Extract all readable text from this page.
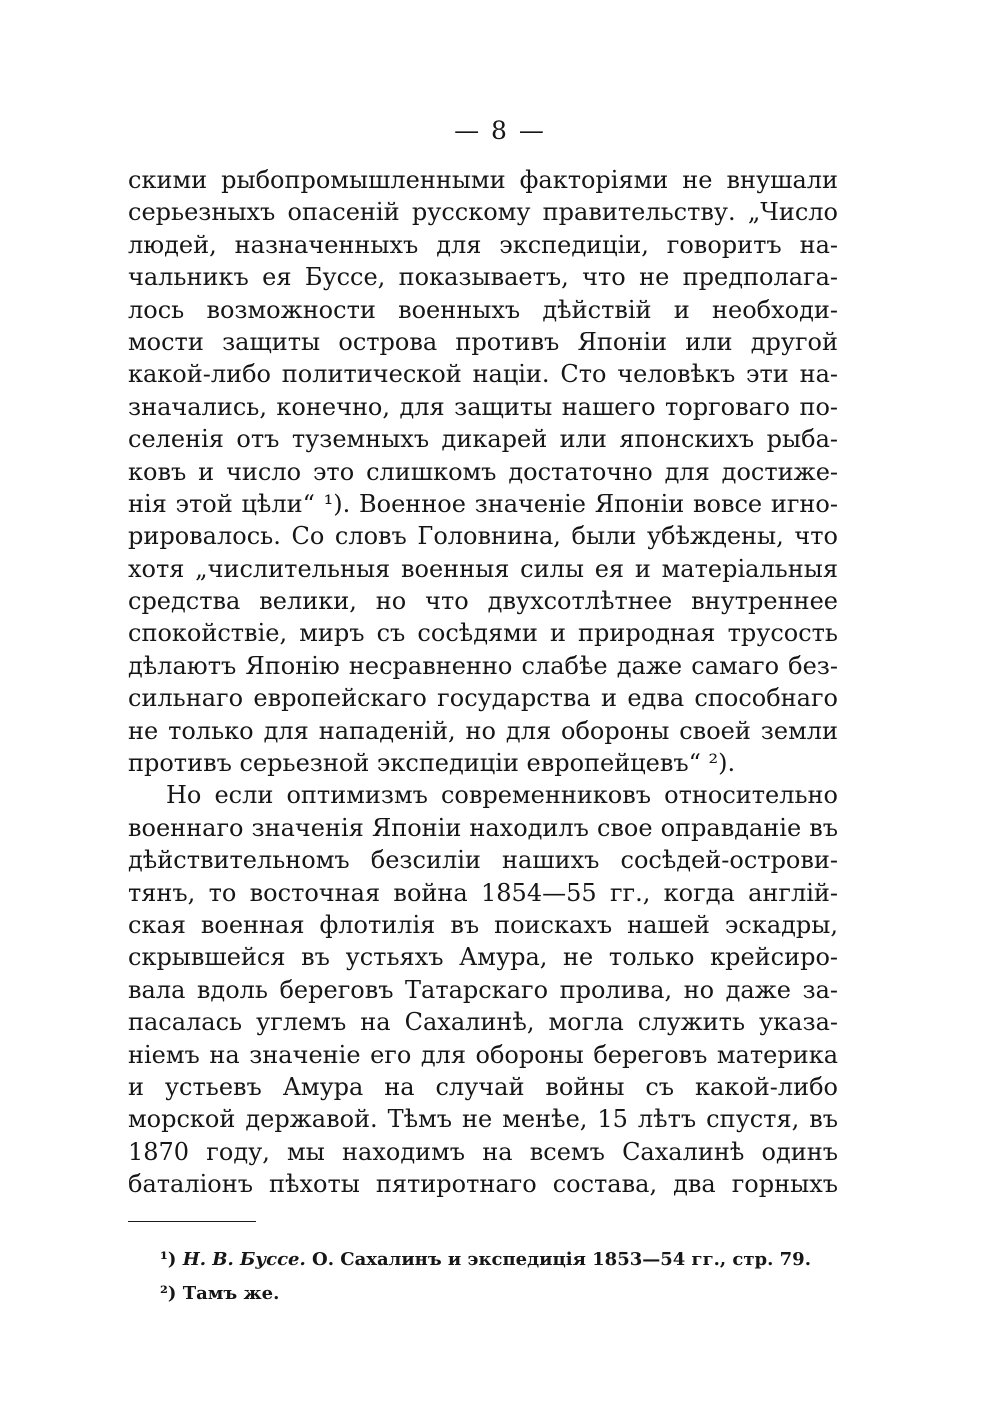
— 8 —
скими рыбопромышленными факторіями не внушали
серьезныхъ опасеній русскому правительству. „Число
людей, назначенныхъ для экспедиціи, говоритъ на-
чальникъ ея Буссе, показываетъ, что не предполага-
лось возможности военныхъ дѣйствій и необходи-
мости защиты острова противъ Японіи или другой
какой-либо политической націи. Сто человѣкъ эти на-
значались, конечно, для защиты нашего торговаго по-
селенія отъ туземныхъ дикарей или японскихъ рыба-
ковъ и число это слишкомъ достаточно для достиже-
нія этой цѣли“ ¹). Военное значеніе Японіи вовсе игно-
рировалось. Со словъ Головнина, были убѣждены, что
хотя „числительныя военныя силы ея и матеріальныя
средства велики, но что двухсотлѣтнее внутреннее
спокойствіе, миръ съ сосѣдями и природная трусость
дѣлаютъ Японію несравненно слабѣе даже самаго без-
сильнаго европейскаго государства и едва способнаго
не только для нападеній, но для обороны своей земли
противъ серьезной экспедиціи европейцевъ“ ²).
Но если оптимизмъ современниковъ относительно
военнаго значенія Японіи находилъ свое оправданіе въ
дѣйствительномъ безсиліи нашихъ сосѣдей-острови-
тянъ, то восточная война 1854—55 гг., когда англій-
ская военная флотилія въ поискахъ нашей эскадры,
скрывшейся въ устьяхъ Амура, не только крейсиро-
вала вдоль береговъ Татарскаго пролива, но даже за-
пасалась углемъ на Сахалинѣ, могла служить указа-
ніемъ на значеніе его для обороны береговъ материка
и устьевъ Амура на случай войны съ какой-либо
морской державой. Тѣмъ не менѣе, 15 лѣтъ спустя, въ
1870 году, мы находимъ на всемъ Сахалинѣ одинъ
баталіонъ пѣхоты пятиротнаго состава, два горныхъ
¹) Н. В. Буссе. О. Сахалинъ и экспедиція 1853—54 гг., стр. 79.
²) Тамъ же.
